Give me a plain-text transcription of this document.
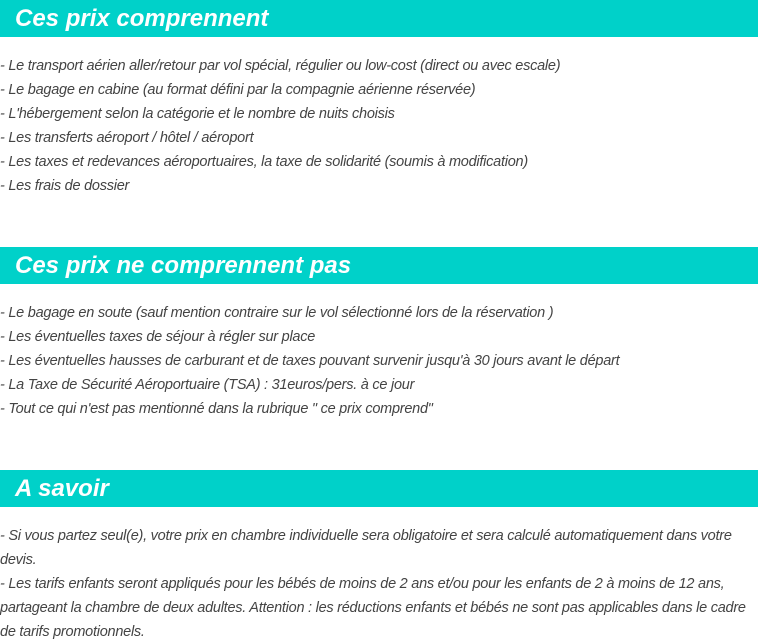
Ces prix comprennent
- Le transport aérien aller/retour par vol spécial, régulier ou low-cost (direct ou avec escale)
- Le bagage en cabine (au format défini par la compagnie aérienne réservée)
- L'hébergement selon la catégorie et le nombre de nuits choisis
- Les transferts aéroport / hôtel / aéroport
- Les taxes et redevances aéroportuaires, la taxe de solidarité (soumis à modification)
- Les frais de dossier
Ces prix ne comprennent pas
- Le bagage en soute (sauf mention contraire sur le vol sélectionné lors de la réservation )
- Les éventuelles taxes de séjour à régler sur place
- Les éventuelles hausses de carburant et de taxes pouvant survenir jusqu'à 30 jours avant le départ
- La Taxe de Sécurité Aéroportuaire (TSA) : 31euros/pers. à ce jour
- Tout ce qui n'est pas mentionné dans la rubrique " ce prix comprend"
A savoir
- Si vous partez seul(e), votre prix en chambre individuelle sera obligatoire et sera calculé automatiquement dans votre devis.
- Les tarifs enfants seront appliqués pour les bébés de moins de 2 ans et/ou pour les enfants de 2 à moins de 12 ans, partageant la chambre de deux adultes. Attention : les réductions enfants et bébés ne sont pas applicables dans le cadre de tarifs promotionnels.
